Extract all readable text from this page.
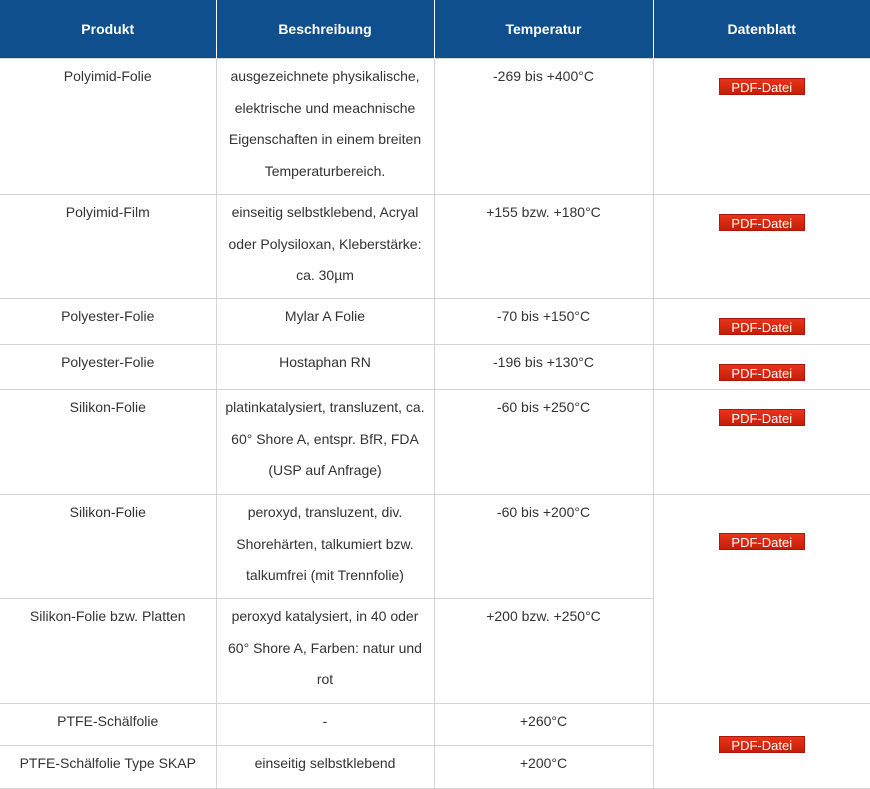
Produkt	Beschreibung	Temperatur	Datenblatt

Polyimid-Folie	ausgezeichnete physikalische, elektrische und meachnische Eigenschaften in einem breiten Temperaturbereich.	-269 bis +400°C	PDF-Datei

Polyimid-Film	einseitig selbstklebend, Acryal oder Polysiloxan, Kleberstärke: ca. 30µm	+155 bzw. +180°C	PDF-Datei

Polyester-Folie	Mylar A Folie	-70 bis +150°C	PDF-Datei

Polyester-Folie	Hostaphan RN	-196 bis +130°C	PDF-Datei

Silikon-Folie	platinkatalysiert, transluzent, ca. 60° Shore A, entspr. BfR, FDA (USP auf Anfrage)	-60 bis +250°C	PDF-Datei

Silikon-Folie	peroxyd, transluzent, div. Shorehärten, talkumiert bzw. talkumfrei (mit Trennfolie)	-60 bis +200°C	PDF-Datei

Silikon-Folie bzw. Platten	peroxyd katalysiert, in 40 oder 60° Shore A, Farben: natur und rot	+200 bzw. +250°C	

PTFE-Schälfolie	-	+260°C	PDF-Datei

PTFE-Schälfolie Type SKAP	einseitig selbstklebend	+200°C	
